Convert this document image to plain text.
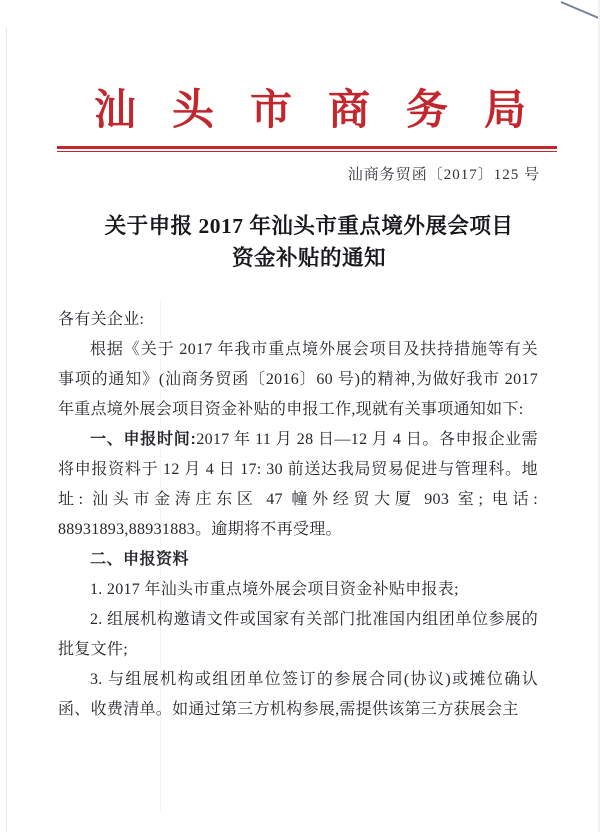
汕头市商务局
汕商务贸函〔2017〕125 号
关于申报 2017 年汕头市重点境外展会项目
资金补贴的通知

各有关企业:

根据《关于 2017 年我市重点境外展会项目及扶持措施等有关事项的通知》(汕商务贸函〔2016〕60 号)的精神,为做好我市 2017 年重点境外展会项目资金补贴的申报工作,现就有关事项通知如下:

一、申报时间:2017 年 11 月 28 日—12 月 4 日。各申报企业需将申报资料于 12 月 4 日 17: 30 前送达我局贸易促进与管理科。地址: 汕头市金涛庄东区 47 幢外经贸大厦 903 室; 电话: 88931893,88931883。逾期将不再受理。

二、申报资料

1. 2017 年汕头市重点境外展会项目资金补贴申报表;

2. 组展机构邀请文件或国家有关部门批准国内组团单位参展的批复文件;

3. 与组展机构或组团单位签订的参展合同(协议)或摊位确认函、收费清单。如通过第三方机构参展,需提供该第三方获展会主
